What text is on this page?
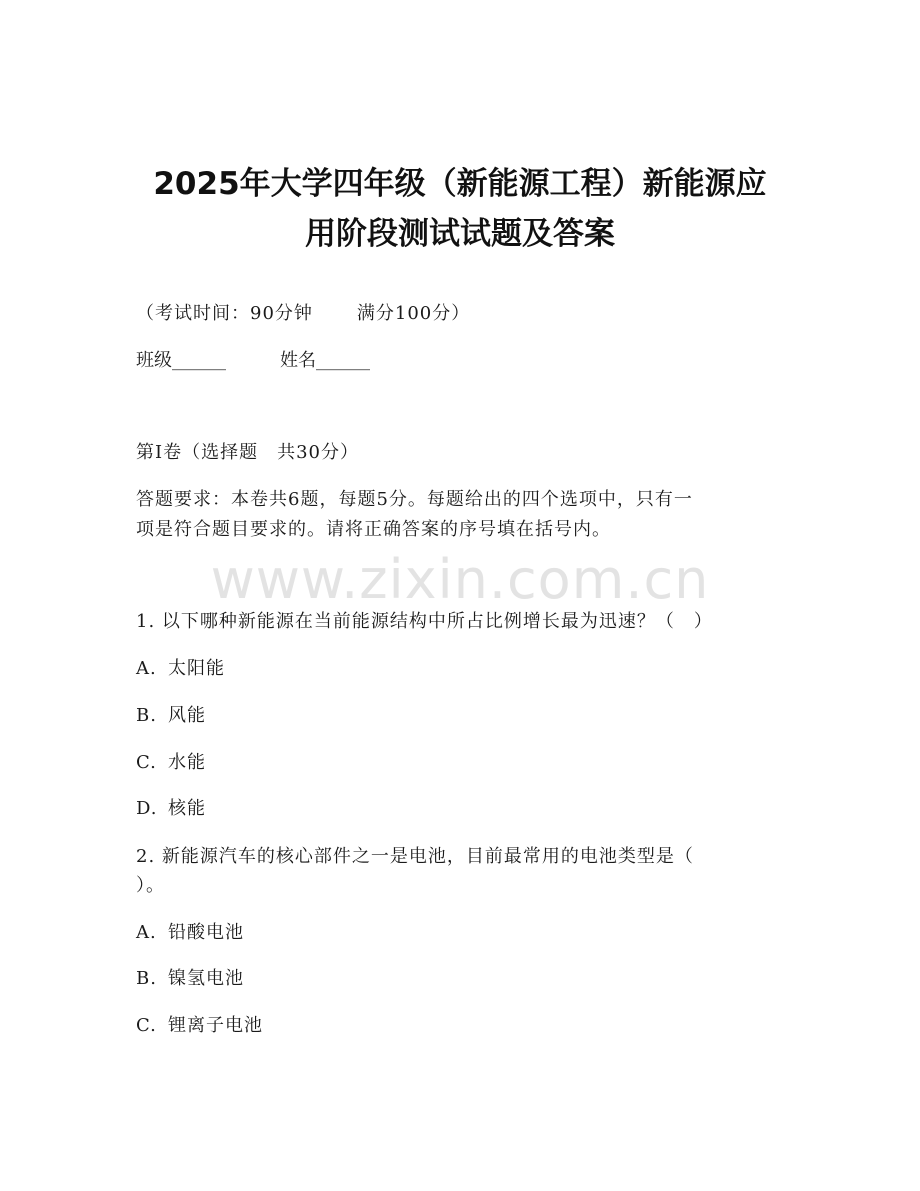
2025年大学四年级（新能源工程）新能源应
用阶段测试试题及答案
（考试时间：90分钟 满分100分）
班级______	姓名______
第I卷（选择题　共30分）
答题要求：本卷共6题，每题5分。每题给出的四个选项中，只有一
项是符合题目要求的。请将正确答案的序号填在括号内。
www.zixin.com.cn
1. 以下哪种新能源在当前能源结构中所占比例增长最为迅速？（　）
A. 太阳能
B. 风能
C. 水能
D. 核能
2. 新能源汽车的核心部件之一是电池，目前最常用的电池类型是（
）。
A. 铅酸电池
B. 镍氢电池
C. 锂离子电池
